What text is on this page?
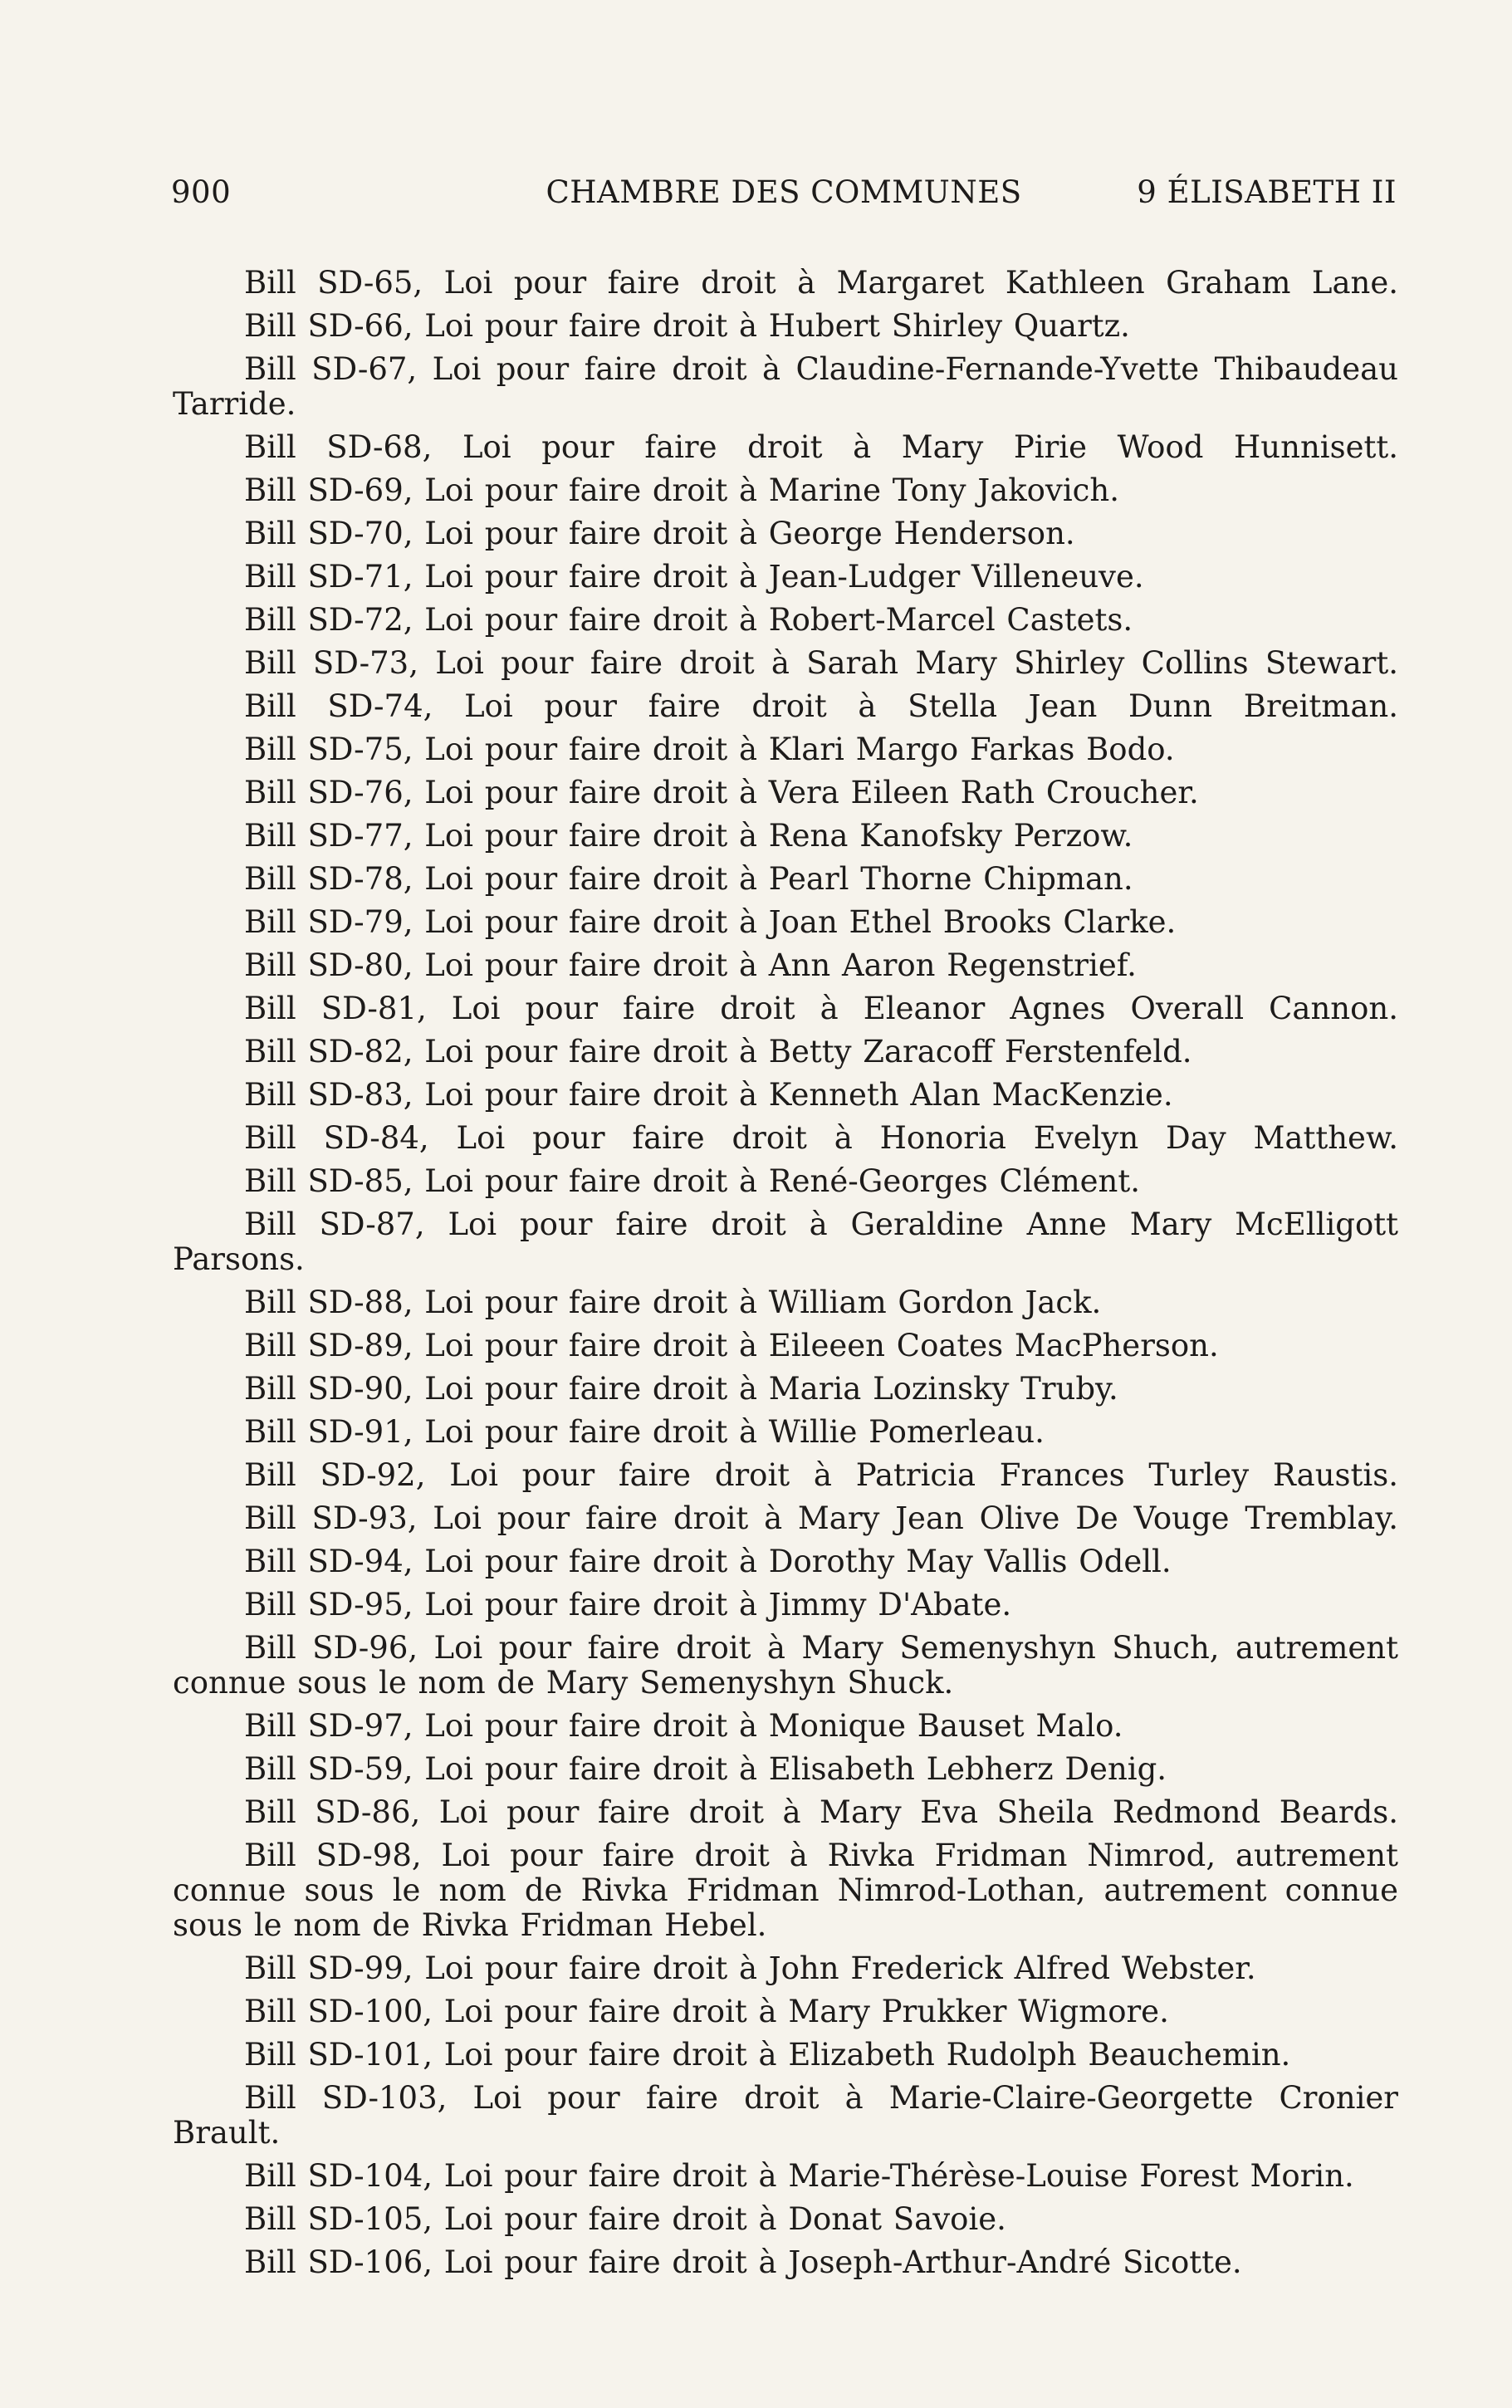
900	CHAMBRE DES COMMUNES	9 ÉLISABETH II
Bill SD-65, Loi pour faire droit à Margaret Kathleen Graham Lane.
Bill SD-66, Loi pour faire droit à Hubert Shirley Quartz.
Bill SD-67, Loi pour faire droit à Claudine-Fernande-Yvette Thibaudeau Tarride.
Bill SD-68, Loi pour faire droit à Mary Pirie Wood Hunnisett.
Bill SD-69, Loi pour faire droit à Marine Tony Jakovich.
Bill SD-70, Loi pour faire droit à George Henderson.
Bill SD-71, Loi pour faire droit à Jean-Ludger Villeneuve.
Bill SD-72, Loi pour faire droit à Robert-Marcel Castets.
Bill SD-73, Loi pour faire droit à Sarah Mary Shirley Collins Stewart.
Bill SD-74, Loi pour faire droit à Stella Jean Dunn Breitman.
Bill SD-75, Loi pour faire droit à Klari Margo Farkas Bodo.
Bill SD-76, Loi pour faire droit à Vera Eileen Rath Croucher.
Bill SD-77, Loi pour faire droit à Rena Kanofsky Perzow.
Bill SD-78, Loi pour faire droit à Pearl Thorne Chipman.
Bill SD-79, Loi pour faire droit à Joan Ethel Brooks Clarke.
Bill SD-80, Loi pour faire droit à Ann Aaron Regenstrief.
Bill SD-81, Loi pour faire droit à Eleanor Agnes Overall Cannon.
Bill SD-82, Loi pour faire droit à Betty Zaracoff Ferstenfeld.
Bill SD-83, Loi pour faire droit à Kenneth Alan MacKenzie.
Bill SD-84, Loi pour faire droit à Honoria Evelyn Day Matthew.
Bill SD-85, Loi pour faire droit à René-Georges Clément.
Bill SD-87, Loi pour faire droit à Geraldine Anne Mary McElligott Parsons.
Bill SD-88, Loi pour faire droit à William Gordon Jack.
Bill SD-89, Loi pour faire droit à Eileeen Coates MacPherson.
Bill SD-90, Loi pour faire droit à Maria Lozinsky Truby.
Bill SD-91, Loi pour faire droit à Willie Pomerleau.
Bill SD-92, Loi pour faire droit à Patricia Frances Turley Raustis.
Bill SD-93, Loi pour faire droit à Mary Jean Olive De Vouge Tremblay.
Bill SD-94, Loi pour faire droit à Dorothy May Vallis Odell.
Bill SD-95, Loi pour faire droit à Jimmy D'Abate.
Bill SD-96, Loi pour faire droit à Mary Semenyshyn Shuch, autrement connue sous le nom de Mary Semenyshyn Shuck.
Bill SD-97, Loi pour faire droit à Monique Bauset Malo.
Bill SD-59, Loi pour faire droit à Elisabeth Lebherz Denig.
Bill SD-86, Loi pour faire droit à Mary Eva Sheila Redmond Beards.
Bill SD-98, Loi pour faire droit à Rivka Fridman Nimrod, autrement connue sous le nom de Rivka Fridman Nimrod-Lothan, autrement connue sous le nom de Rivka Fridman Hebel.
Bill SD-99, Loi pour faire droit à John Frederick Alfred Webster.
Bill SD-100, Loi pour faire droit à Mary Prukker Wigmore.
Bill SD-101, Loi pour faire droit à Elizabeth Rudolph Beauchemin.
Bill SD-103, Loi pour faire droit à Marie-Claire-Georgette Cronier Brault.
Bill SD-104, Loi pour faire droit à Marie-Thérèse-Louise Forest Morin.
Bill SD-105, Loi pour faire droit à Donat Savoie.
Bill SD-106, Loi pour faire droit à Joseph-Arthur-André Sicotte.
